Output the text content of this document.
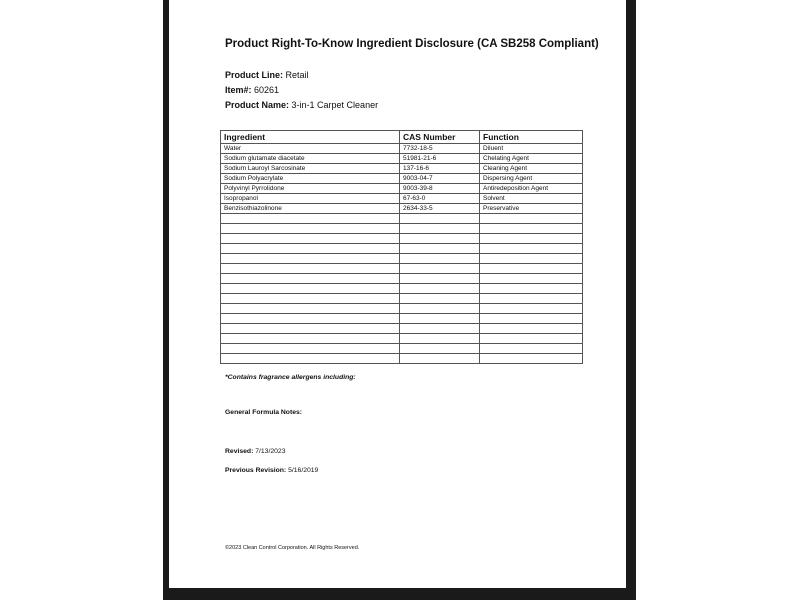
Product Right-To-Know Ingredient Disclosure (CA SB258 Compliant)
Product Line: Retail
Item#: 60261
Product Name: 3-in-1 Carpet Cleaner
Ingredient	CAS Number	Function
Water	7732-18-5	Diluent
Sodium glutamate diacetate	51981-21-6	Chelating Agent
Sodium Lauroyl Sarcosinate	137-16-6	Cleaning Agent
Sodium Polyacrylate	9003-04-7	Dispersing Agent
Polyvinyl Pyrrolidone	9003-39-8	Antiredeposition Agent
Isopropanol	67-63-0	Solvent
Benzisothiazolinone	2634-33-5	Preservative

*Contains fragrance allergens including:
General Formula Notes:
Revised: 7/13/2023
Previous Revision: 5/16/2019
©2023 Clean Control Corporation. All Rights Reserved.
